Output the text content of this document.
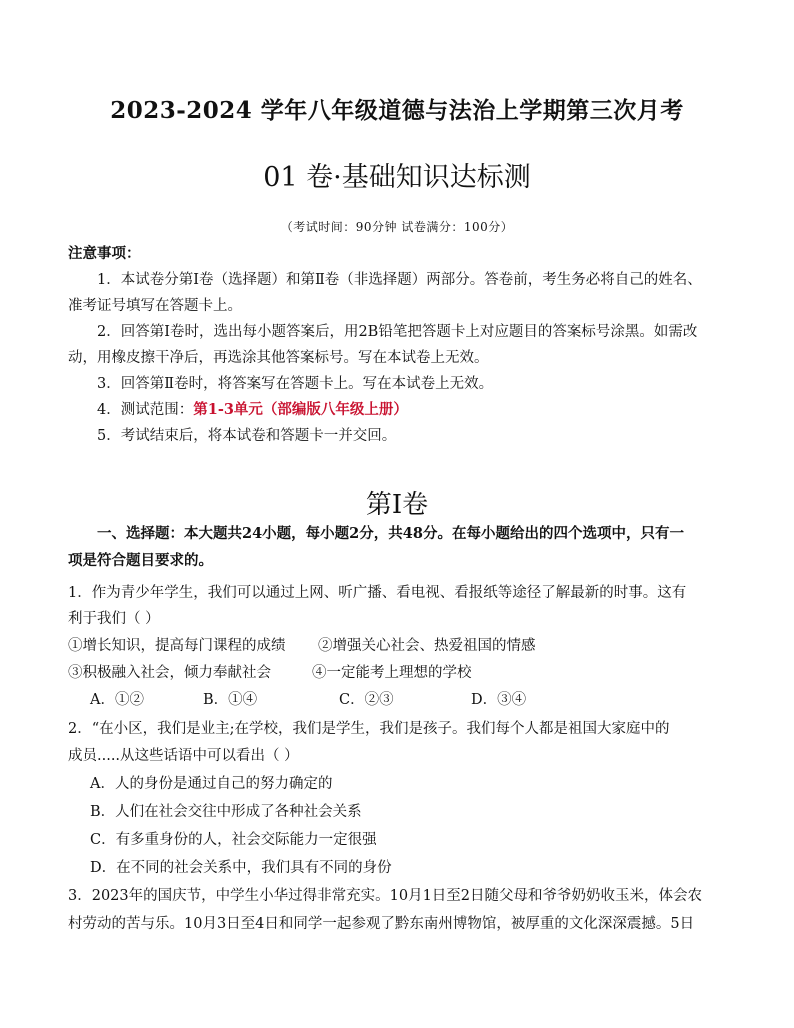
2023-2024 学年八年级道德与法治上学期第三次月考
01 卷·基础知识达标测
（考试时间：90分钟 试卷满分：100分）
注意事项：
1．本试卷分第Ⅰ卷（选择题）和第Ⅱ卷（非选择题）两部分。答卷前，考生务必将自己的姓名、
准考证号填写在答题卡上。
2．回答第Ⅰ卷时，选出每小题答案后，用2B铅笔把答题卡上对应题目的答案标号涂黑。如需改
动，用橡皮擦干净后，再选涂其他答案标号。写在本试卷上无效。
3．回答第Ⅱ卷时，将答案写在答题卡上。写在本试卷上无效。
4．测试范围：第1-3单元（部编版八年级上册）
5．考试结束后，将本试卷和答题卡一并交回。
第Ⅰ卷
一、选择题：本大题共24小题，每小题2分，共48分。在每小题给出的四个选项中，只有一
项是符合题目要求的。
1．作为青少年学生，我们可以通过上网、听广播、看电视、看报纸等途径了解最新的时事。这有
利于我们（ ）
①增长知识，提高每门课程的成绩 ②增强关心社会、热爱祖国的情感
③积极融入社会，倾力奉献社会	④一定能考上理想的学校
A．①②	B．①④	C．②③	D．③④
2．“在小区，我们是业主;在学校，我们是学生，我们是孩子。我们每个人都是祖国大家庭中的
成员.....从这些话语中可以看出（ ）
A．人的身份是通过自己的努力确定的
B．人们在社会交往中形成了各种社会关系
C．有多重身份的人，社会交际能力一定很强
D．在不同的社会关系中，我们具有不同的身份
3．2023年的国庆节，中学生小华过得非常充实。10月1日至2日随父母和爷爷奶奶收玉米，体会农
村劳动的苦与乐。10月3日至4日和同学一起参观了黔东南州博物馆，被厚重的文化深深震撼。5日
